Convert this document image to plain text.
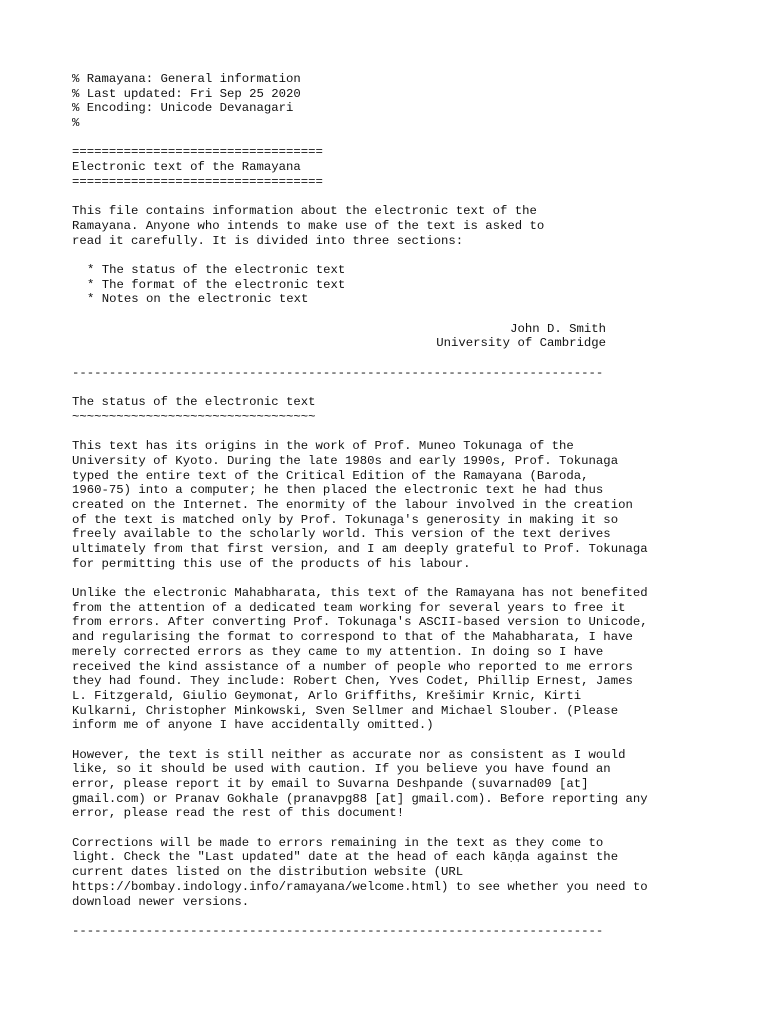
% Ramayana: General information
% Last updated: Fri Sep 25 2020
% Encoding: Unicode Devanagari
%
==================================
Electronic text of the Ramayana
==================================
This file contains information about the electronic text of the
Ramayana. Anyone who intends to make use of the text is asked to
read it carefully. It is divided into three sections:
* The status of the electronic text
* The format of the electronic text
* Notes on the electronic text
John D. Smith
University of Cambridge
------------------------------------------------------------------------
The status of the electronic text
~~~~~~~~~~~~~~~~~~~~~~~~~~~~~~~~~
This text has its origins in the work of Prof. Muneo Tokunaga of the
University of Kyoto. During the late 1980s and early 1990s, Prof. Tokunaga
typed the entire text of the Critical Edition of the Ramayana (Baroda,
1960-75) into a computer; he then placed the electronic text he had thus
created on the Internet. The enormity of the labour involved in the creation
of the text is matched only by Prof. Tokunaga's generosity in making it so
freely available to the scholarly world. This version of the text derives
ultimately from that first version, and I am deeply grateful to Prof. Tokunaga
for permitting this use of the products of his labour.
Unlike the electronic Mahabharata, this text of the Ramayana has not benefited
from the attention of a dedicated team working for several years to free it
from errors. After converting Prof. Tokunaga's ASCII-based version to Unicode,
and regularising the format to correspond to that of the Mahabharata, I have
merely corrected errors as they came to my attention. In doing so I have
received the kind assistance of a number of people who reported to me errors
they had found. They include: Robert Chen, Yves Codet, Phillip Ernest, James
L. Fitzgerald, Giulio Geymonat, Arlo Griffiths, Krešimir Krnic, Kirti
Kulkarni, Christopher Minkowski, Sven Sellmer and Michael Slouber. (Please
inform me of anyone I have accidentally omitted.)
However, the text is still neither as accurate nor as consistent as I would
like, so it should be used with caution. If you believe you have found an
error, please report it by email to Suvarna Deshpande (suvarnad09 [at]
gmail.com) or Pranav Gokhale (pranavpg88 [at] gmail.com). Before reporting any
error, please read the rest of this document!
Corrections will be made to errors remaining in the text as they come to
light. Check the "Last updated" date at the head of each kāṇḍa against the
current dates listed on the distribution website (URL
https://bombay.indology.info/ramayana/welcome.html) to see whether you need to
download newer versions.
------------------------------------------------------------------------
